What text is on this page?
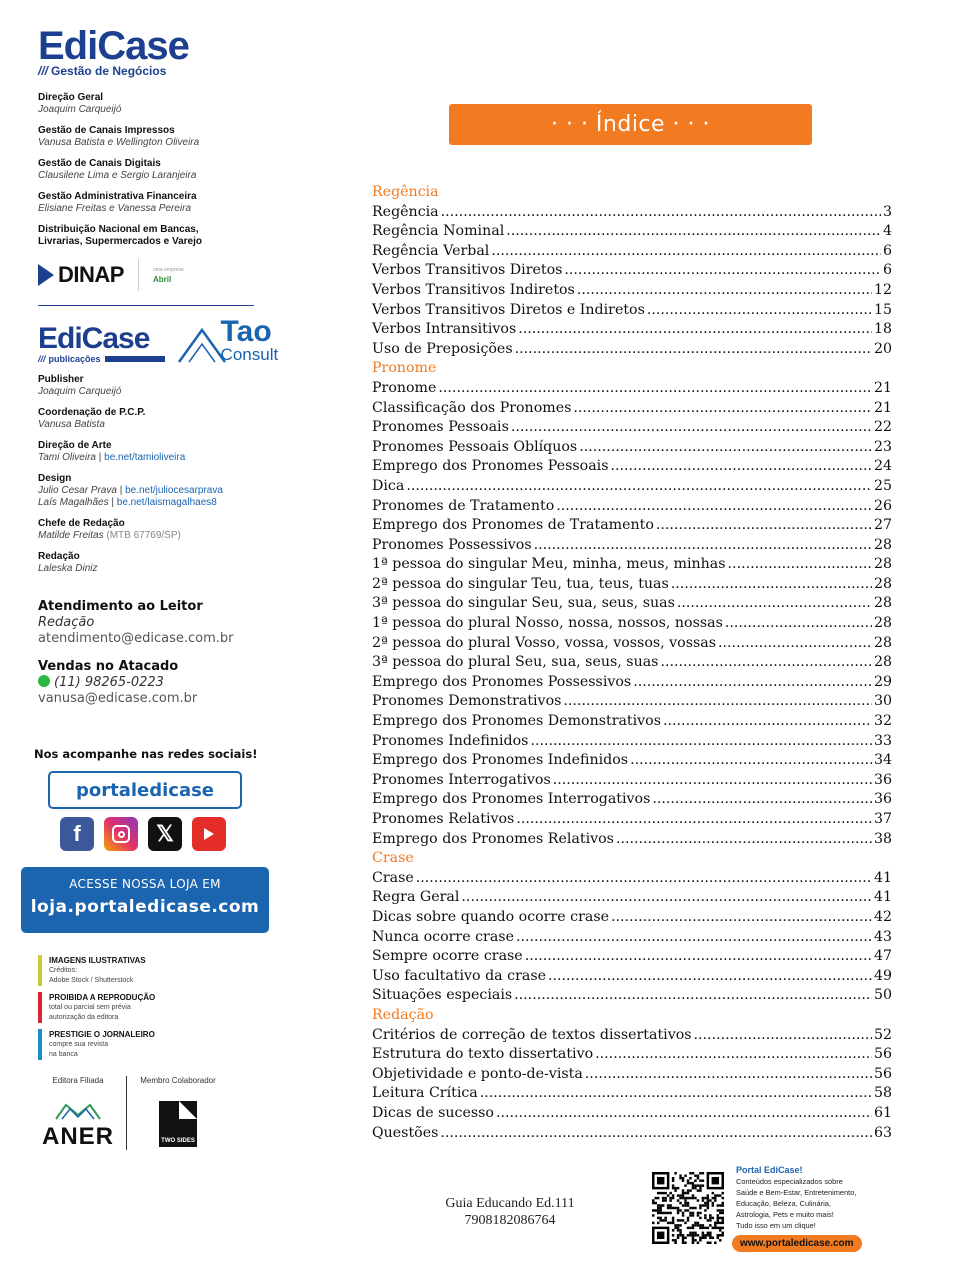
EdiCase
/// Gestão de Negócios
Direção Geral
Joaquim Carqueijó
Gestão de Canais Impressos
Vanusa Batista e Wellington Oliveira
Gestão de Canais Digitais
Clausilene Lima e Sergio Laranjeira
Gestão Administrativa Financeira
Elisiane Freitas e Vanessa Pereira
Distribuição Nacional em Bancas, Livrarias, Supermercados e Varejo
DINAP	uma empresa
Abril
EdiCase
/// publicações
Tao
Consult
Publisher
Joaquim Carqueijó
Coordenação de P.C.P.
Vanusa Batista
Direção de Arte
Tami Oliveira | be.net/tamioliveira
Design
Julio Cesar Prava | be.net/juliocesarprava
Laís Magalhães | be.net/laismagalhaes8
Chefe de Redação
Matilde Freitas (MTB 67769/SP)
Redação
Laleska Diniz
Atendimento ao Leitor
Redação
atendimento@edicase.com.br
Vendas no Atacado
(11) 98265-0223
vanusa@edicase.com.br
Nos acompanhe nas redes sociais!
portaledicase
f	𝕏
ACESSE NOSSA LOJA EM
loja.portaledicase.com
IMAGENS ILUSTRATIVAS
Créditos:
Adobe Stock / Shutterstock
PROIBIDA A REPRODUÇÃO
total ou parcial sem prévia
autorização da editora
PRESTIGIE O JORNALEIRO
compre sua revista
na banca
Editora Filiada
ANER
Membro Colaborador
TWO SIDES
· · · Índice · · ·
Regência
Regência .....	3
Regência Nominal .....	4
Regência Verbal .....	6
Verbos Transitivos Diretos .....	6
Verbos Transitivos Indiretos .....	12
Verbos Transitivos Diretos e Indiretos .....	15
Verbos Intransitivos .....	18
Uso de Preposições .....	20
Pronome
Pronome .....	21
Classificação dos Pronomes .....	21
Pronomes Pessoais .....	22
Pronomes Pessoais Oblíquos .....	23
Emprego dos Pronomes Pessoais .....	24
Dica .....	25
Pronomes de Tratamento .....	26
Emprego dos Pronomes de Tratamento .....	27
Pronomes Possessivos .....	28
1ª pessoa do singular Meu, minha, meus, minhas .....	28
2ª pessoa do singular Teu, tua, teus, tuas .....	28
3ª pessoa do singular Seu, sua, seus, suas .....	28
1ª pessoa do plural Nosso, nossa, nossos, nossas .....	28
2ª pessoa do plural Vosso, vossa, vossos, vossas .....	28
3ª pessoa do plural Seu, sua, seus, suas .....	28
Emprego dos Pronomes Possessivos .....	29
Pronomes Demonstrativos .....	30
Emprego dos Pronomes Demonstrativos .....	32
Pronomes Indefinidos .....	33
Emprego dos Pronomes Indefinidos .....	34
Pronomes Interrogativos .....	36
Emprego dos Pronomes Interrogativos .....	36
Pronomes Relativos .....	37
Emprego dos Pronomes Relativos .....	38
Crase
Crase .....	41
Regra Geral .....	41
Dicas sobre quando ocorre crase .....	42
Nunca ocorre crase .....	43
Sempre ocorre crase .....	47
Uso facultativo da crase .....	49
Situações especiais .....	50
Redação
Critérios de correção de textos dissertativos .....	52
Estrutura do texto dissertativo .....	56
Objetividade e ponto-de-vista .....	56
Leitura Crítica .....	58
Dicas de sucesso .....	61
Questões .....	63
Guia Educando Ed.111
7908182086764
Portal EdiCase!
Conteúdos especializados sobre
Saúde e Bem-Estar, Entretenimento,
Educação, Beleza, Culinária,
Astrologia, Pets e muito mais!
Tudo isso em um clique!
www.portaledicase.com
